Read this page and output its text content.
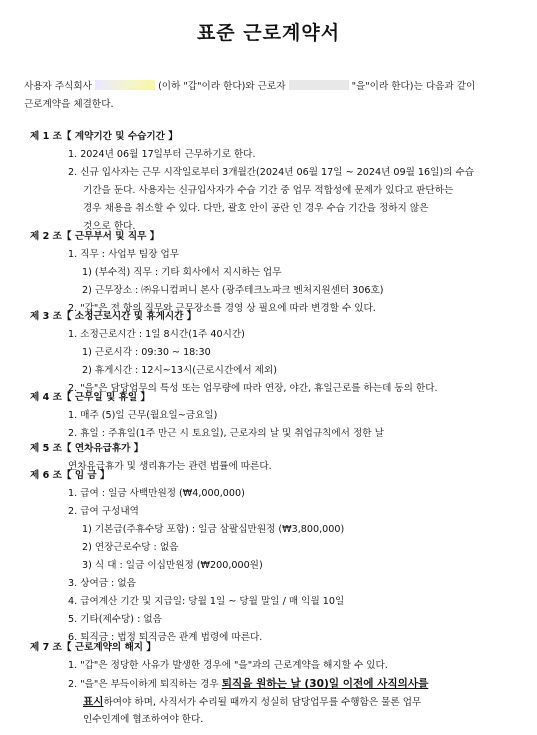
표준 근로계약서
사용자 주식회사	(이하 "갑"이라 한다)와 근로자	"을"이라 한다)는 다음과 같이
근로계약을 체결한다.
제 1 조【 계약기간 및 수습기간 】
1. 2024년 06월 17일부터 근무하기로 한다.
2. 신규 입사자는 근무 시작일로부터 3개월간(2024년 06월 17일 ~ 2024년 09월 16일)의 수습
기간을 둔다. 사용자는 신규입사자가 수습 기간 중 업무 적합성에 문제가 있다고 판단하는
경우 채용을 취소할 수 있다. 다만, 괄호 안이 공란 인 경우 수습 기간을 정하지 않은
것으로 한다.
제 2 조【 근무부서 및 직무 】
1. 직무 : 사업부 팀장 업무
1) (부수적) 직무 : 기타 회사에서 지시하는 업무
2) 근무장소 : ㈜유니컴퍼니 본사 (광주테크노파크 벤처지원센터 306호)
2. "갑"은 전 항의 직무와 근무장소를 경영 상 필요에 따라 변경할 수 있다.
제 3 조【 소정근로시간 및 휴게시간 】
1. 소정근로시간 : 1일 8시간(1주 40시간)
1) 근로시각 : 09:30 ~ 18:30
2) 휴게시간 : 12시~13시(근로시간에서 제외)
2. "을"은 담당업무의 특성 또는 업무량에 따라 연장, 야간, 휴일근로를 하는데 동의 한다.
제 4 조【 근무일 및 휴일 】
1. 매주 (5)일 근무(월요일~금요일)
2. 휴일 : 주휴일(1주 만근 시 토요일), 근로자의 날 및 취업규칙에서 정한 날
제 5 조【 연차유급휴가 】
연차유급휴가 및 생리휴가는 관련 법률에 따른다.
제 6 조【 임 금 】
1. 급여 : 일금 사백만원정 (₩4,000,000)
2. 급여 구성내역
1) 기본급(주휴수당 포함) : 일금 삼팔십만원정 (₩3,800,000)
2) 연장근로수당 : 없음
3) 식 대 : 일금 이십만원정 (₩200,000원)
3. 상여금 : 없음
4. 급여계산 기간 및 지급일: 당월 1일 ~ 당월 말일 / 매 익월 10일
5. 기타(제수당) : 없음
6. 퇴직금 : 법정 퇴직금은 관계 법령에 따른다.
제 7 조【 근로계약의 해지 】
1. "갑"은 정당한 사유가 발생한 경우에 "을"과의 근로계약을 해지할 수 있다.
2. "을"은 부득이하게 퇴직하는 경우 퇴직을 원하는 날 (30)일 이전에 사직의사를
표시하여야 하며, 사직서가 수리될 때까지 성실히 담당업무를 수행함은 물론 업무
인수인계에 협조하여야 한다.
